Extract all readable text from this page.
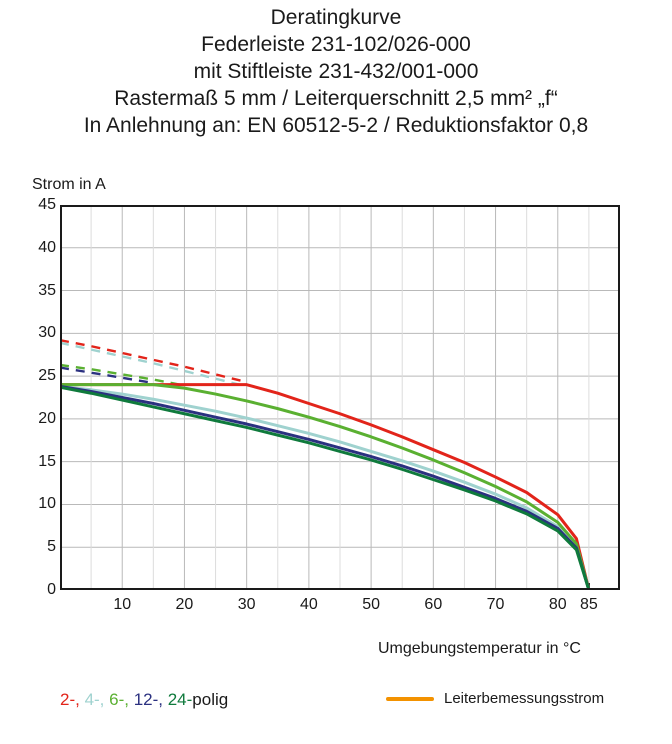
Deratingkurve
Federleiste 231-102/026-000
mit Stiftleiste 231-432/001-000
Rastermaß 5 mm / Leiterquerschnitt 2,5 mm² „f“
In Anlehnung an: EN 60512-5-2 / Reduktionsfaktor 0,8
Strom in A
Umgebungstemperatur in °C
0
5
10
15
20
25
30
35
40
45
10	20	30	40	50	60	70	80 85
2-, 4-, 6-, 12-, 24-polig	Leiterbemessungsstrom
